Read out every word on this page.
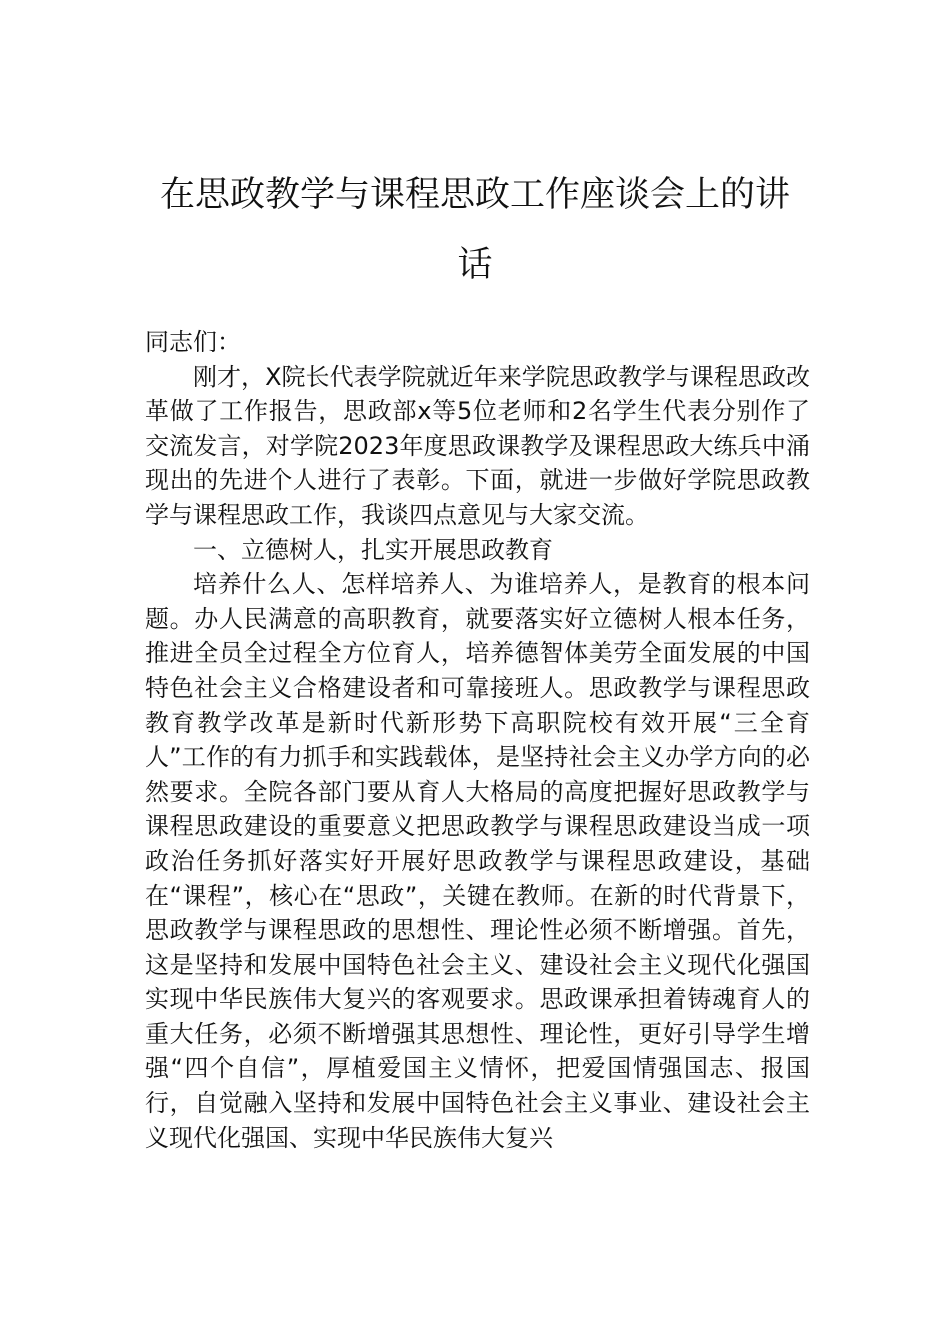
在思政教学与课程思政工作座谈会上的讲话

同志们：

刚才，X院长代表学院就近年来学院思政教学与课程思政改革做了工作报告，思政部x等5位老师和2名学生代表分别作了交流发言，对学院2023年度思政课教学及课程思政大练兵中涌现出的先进个人进行了表彰。下面，就进一步做好学院思政教学与课程思政工作，我谈四点意见与大家交流。

一、立德树人，扎实开展思政教育

培养什么人、怎样培养人、为谁培养人，是教育的根本问题。办人民满意的高职教育，就要落实好立德树人根本任务，推进全员全过程全方位育人，培养德智体美劳全面发展的中国特色社会主义合格建设者和可靠接班人。思政教学与课程思政教育教学改革是新时代新形势下高职院校有效开展“三全育人”工作的有力抓手和实践载体，是坚持社会主义办学方向的必然要求。全院各部门要从育人大格局的高度把握好思政教学与课程思政建设的重要意义把思政教学与课程思政建设当成一项政治任务抓好落实好开展好思政教学与课程思政建设，基础在“课程”，核心在“思政”，关键在教师。在新的时代背景下，思政教学与课程思政的思想性、理论性必须不断增强。首先，这是坚持和发展中国特色社会主义、建设社会主义现代化强国实现中华民族伟大复兴的客观要求。思政课承担着铸魂育人的重大任务，必须不断增强其思想性、理论性，更好引导学生增强“四个自信”，厚植爱国主义情怀，把爱国情强国志、报国行，自觉融入坚持和发展中国特色社会主义事业、建设社会主义现代化强国、实现中华民族伟大复兴
